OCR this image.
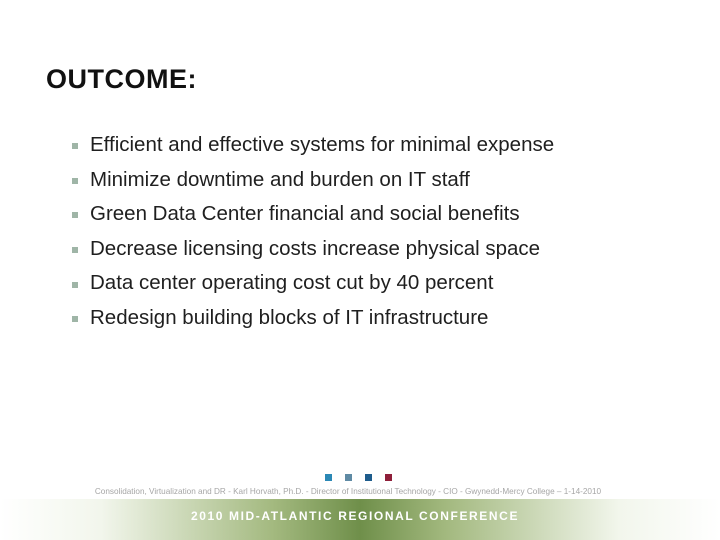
OUTCOME:
Efficient and effective systems for minimal expense
Minimize downtime and burden on IT staff
Green Data Center financial and social benefits
Decrease licensing costs increase physical space
Data center operating cost cut by 40 percent
Redesign building blocks of IT infrastructure
Consolidation, Virtualization and DR - Karl Horvath, Ph.D. - Director of Institutional Technology - CIO - Gwynedd-Mercy College – 1-14-2010
2010 MID-ATLANTIC REGIONAL CONFERENCE
